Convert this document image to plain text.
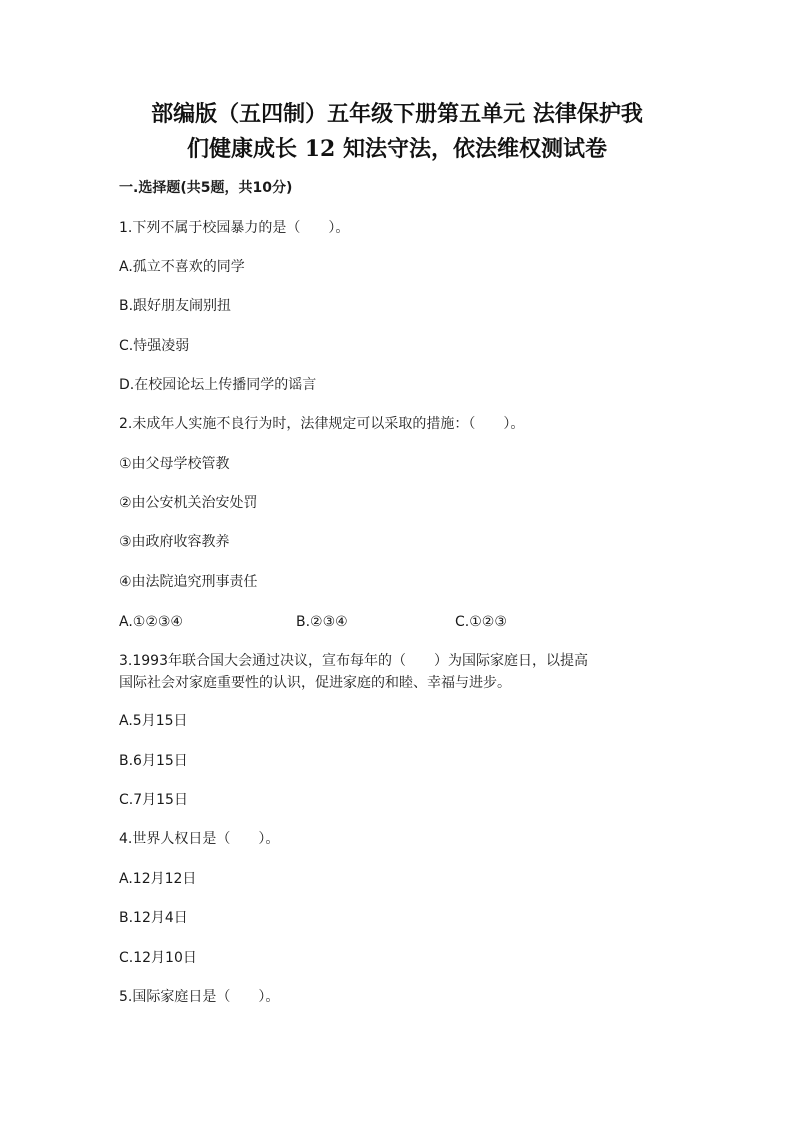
部编版（五四制）五年级下册第五单元 法律保护我
们健康成长 12 知法守法，依法维权测试卷
一.选择题(共5题，共10分)
1.下列不属于校园暴力的是（　　）。
A.孤立不喜欢的同学
B.跟好朋友闹别扭
C.恃强凌弱
D.在校园论坛上传播同学的谣言
2.未成年人实施不良行为时，法律规定可以采取的措施：（　　）。
①由父母学校管教
②由公安机关治安处罚
③由政府收容教养
④由法院追究刑事责任
A.①②③④	B.②③④	C.①②③
3.1993年联合国大会通过决议，宣布每年的（　　）为国际家庭日，以提高
国际社会对家庭重要性的认识，促进家庭的和睦、幸福与进步。
A.5月15日
B.6月15日
C.7月15日
4.世界人权日是（　　）。
A.12月12日
B.12月4日
C.12月10日
5.国际家庭日是（　　）。
